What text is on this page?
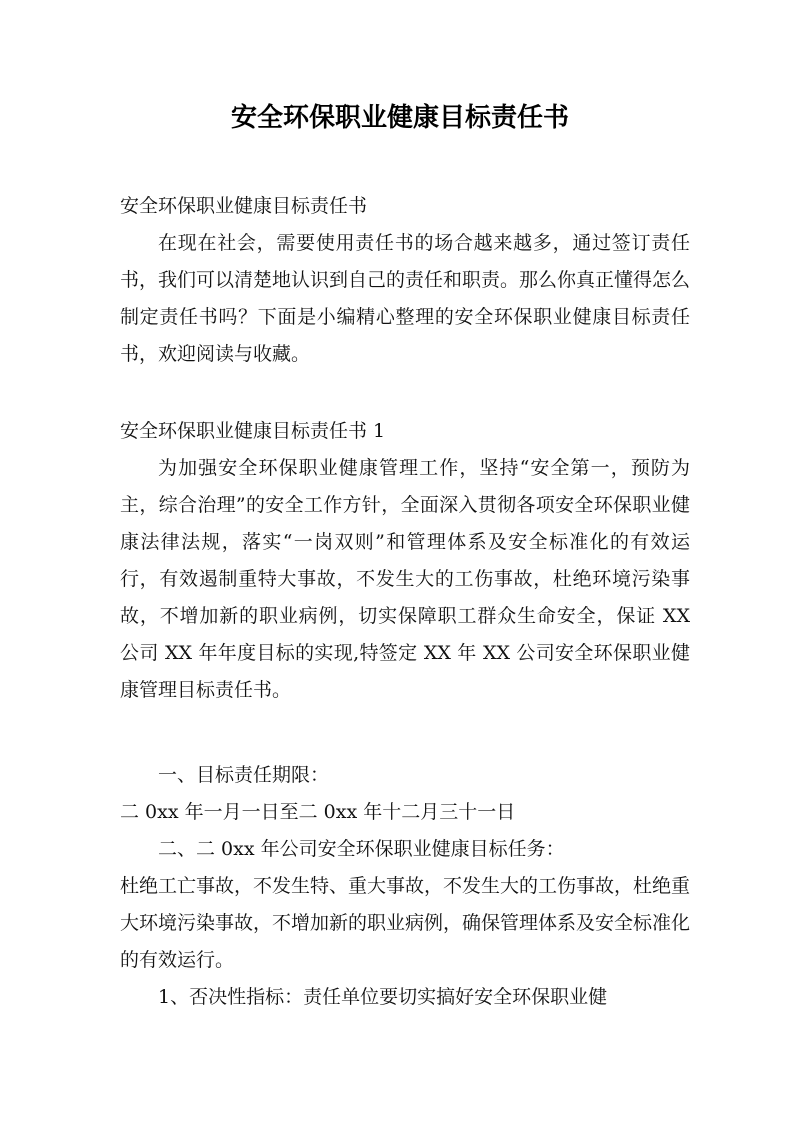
安全环保职业健康目标责任书

安全环保职业健康目标责任书

在现在社会，需要使用责任书的场合越来越多，通过签订责任书，我们可以清楚地认识到自己的责任和职责。那么你真正懂得怎么制定责任书吗？下面是小编精心整理的安全环保职业健康目标责任书，欢迎阅读与收藏。

安全环保职业健康目标责任书 1

为加强安全环保职业健康管理工作，坚持“安全第一，预防为主，综合治理”的安全工作方针，全面深入贯彻各项安全环保职业健康法律法规，落实“一岗双则”和管理体系及安全标准化的有效运行，有效遏制重特大事故，不发生大的工伤事故，杜绝环境污染事故，不增加新的职业病例，切实保障职工群众生命安全，保证 XX 公司 XX 年年度目标的实现,特签定 XX 年 XX 公司安全环保职业健康管理目标责任书。

一、目标责任期限：

二 0xx 年一月一日至二 0xx 年十二月三十一日

二、二 0xx 年公司安全环保职业健康目标任务：

杜绝工亡事故，不发生特、重大事故，不发生大的工伤事故，杜绝重大环境污染事故，不增加新的职业病例，确保管理体系及安全标准化的有效运行。

1、否决性指标：责任单位要切实搞好安全环保职业健
